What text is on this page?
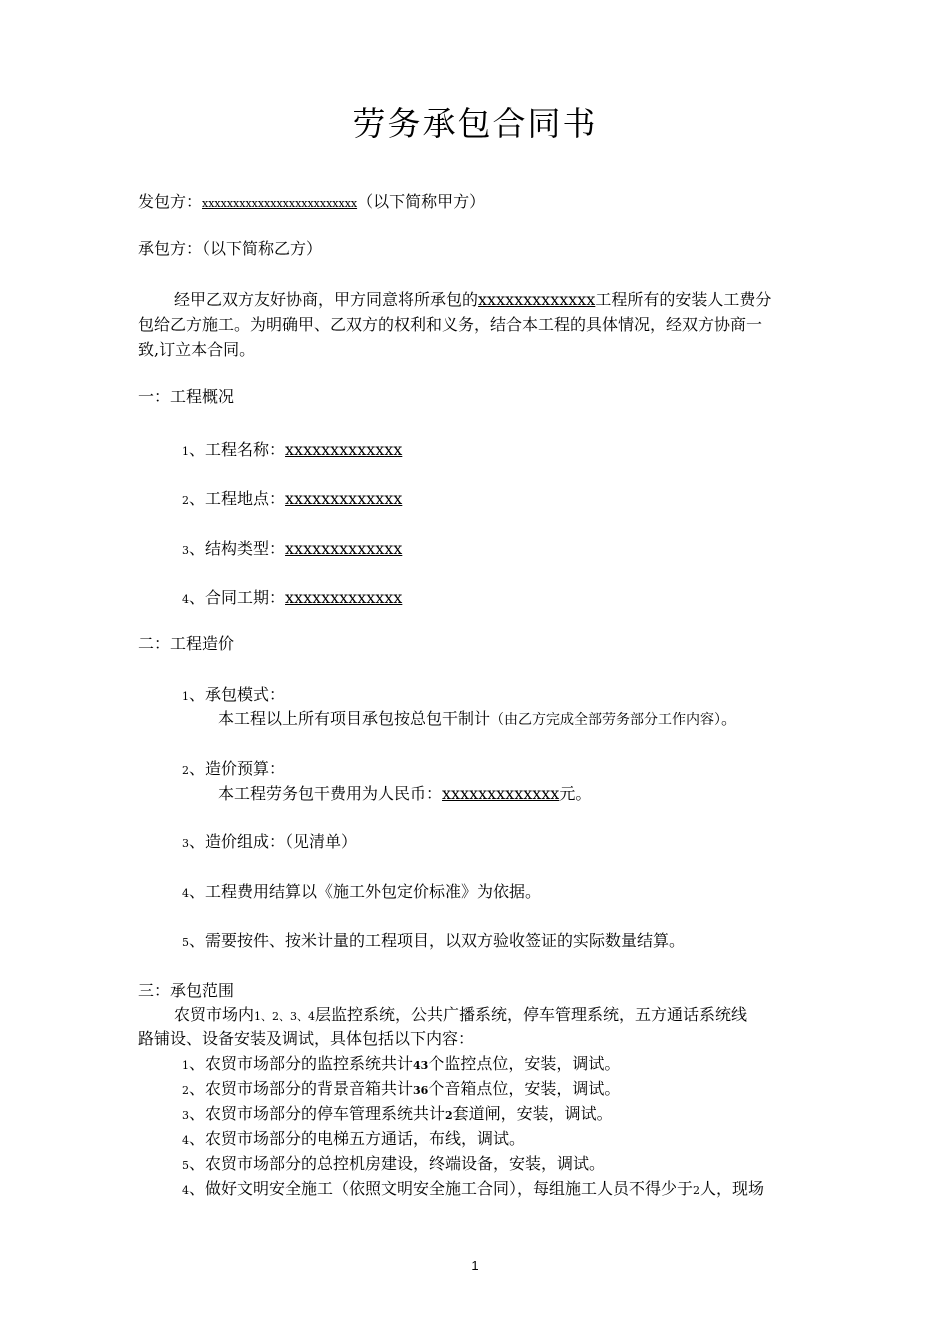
劳务承包合同书
发包方：xxxxxxxxxxxxxxxxxxxxxxxxx（以下简称甲方）
承包方：（以下简称乙方）
经甲乙双方友好协商，甲方同意将所承包的xxxxxxxxxxxxx工程所有的安装人工费分
包给乙方施工。为明确甲、乙双方的权利和义务，结合本工程的具体情况，经双方协商一
致,订立本合同。
一：工程概况
1、工程名称：xxxxxxxxxxxxx
2、工程地点：xxxxxxxxxxxxx
3、结构类型：xxxxxxxxxxxxx
4、合同工期：xxxxxxxxxxxxx
二：工程造价
1、承包模式：
本工程以上所有项目承包按总包干制计（由乙方完成全部劳务部分工作内容）。
2、造价预算：
本工程劳务包干费用为人民币：xxxxxxxxxxxxx元。
3、造价组成：（见清单）
4、工程费用结算以《施工外包定价标准》为依据。
5、需要按件、按米计量的工程项目，以双方验收签证的实际数量结算。
三：承包范围
农贸市场内1、2、3、4层监控系统，公共广播系统，停车管理系统，五方通话系统线
路铺设、设备安装及调试，具体包括以下内容：
1、农贸市场部分的监控系统共计43个监控点位，安装，调试。
2、农贸市场部分的背景音箱共计36个音箱点位，安装，调试。
3、农贸市场部分的停车管理系统共计2套道闸，安装，调试。
4、农贸市场部分的电梯五方通话，布线，调试。
5、农贸市场部分的总控机房建设，终端设备，安装，调试。
4、做好文明安全施工（依照文明安全施工合同），每组施工人员不得少于2人，现场
1
